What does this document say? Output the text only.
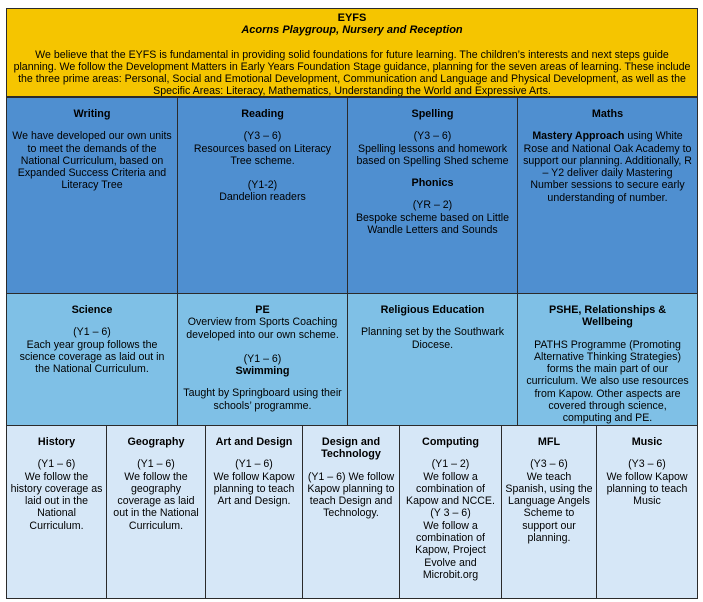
EYFS
Acorns Playgroup, Nursery and Reception

We believe that the EYFS is fundamental in providing solid foundations for future learning. The children’s interests and next steps guide planning. We follow the Development Matters in Early Years Foundation Stage guidance, planning for the seven areas of learning. These include the three prime areas: Personal, Social and Emotional Development, Communication and Language and Physical Development, as well as the Specific Areas: Literacy, Mathematics, Understanding the World and Expressive Arts.

Writing

We have developed our own units to meet the demands of the National Curriculum, based on Expanded Success Criteria and Literacy Tree

Reading

(Y3 – 6)

Resources based on Literacy Tree scheme.

(Y1-2)

Dandelion readers

Spelling

(Y3 – 6)

Spelling lessons and homework based on Spelling Shed scheme

Phonics

(YR – 2)

Bespoke scheme based on Little Wandle Letters and Sounds

Maths

Mastery Approach using White Rose and National Oak Academy to support our planning. Additionally, R – Y2 deliver daily Mastering Number sessions to secure early understanding of number.

Science

(Y1 – 6)

Each year group follows the science coverage as laid out in the National Curriculum.

PE

Overview from Sports Coaching developed into our own scheme.

(Y1 – 6)

Swimming

Taught by Springboard using their schools’ programme.

Religious Education

Planning set by the Southwark Diocese.

PSHE, Relationships & Wellbeing

PATHS Programme (Promoting Alternative Thinking Strategies) forms the main part of our curriculum. We also use resources from Kapow. Other aspects are covered through science, computing and PE.

History

(Y1 – 6)

We follow the history coverage as laid out in the National Curriculum.

Geography

(Y1 – 6)

We follow the geography coverage as laid out in the National Curriculum.

Art and Design

(Y1 – 6)

We follow Kapow planning to teach Art and Design.

Design and Technology

(Y1 – 6) We follow Kapow planning to teach Design and Technology.

Computing

(Y1 – 2)

We follow a combination of Kapow and NCCE.

(Y 3 – 6)

We follow a combination of Kapow, Project Evolve and Microbit.org

MFL

(Y3 – 6)

We teach Spanish, using the Language Angels Scheme to support our planning.

Music

(Y3 – 6)

We follow Kapow planning to teach Music
